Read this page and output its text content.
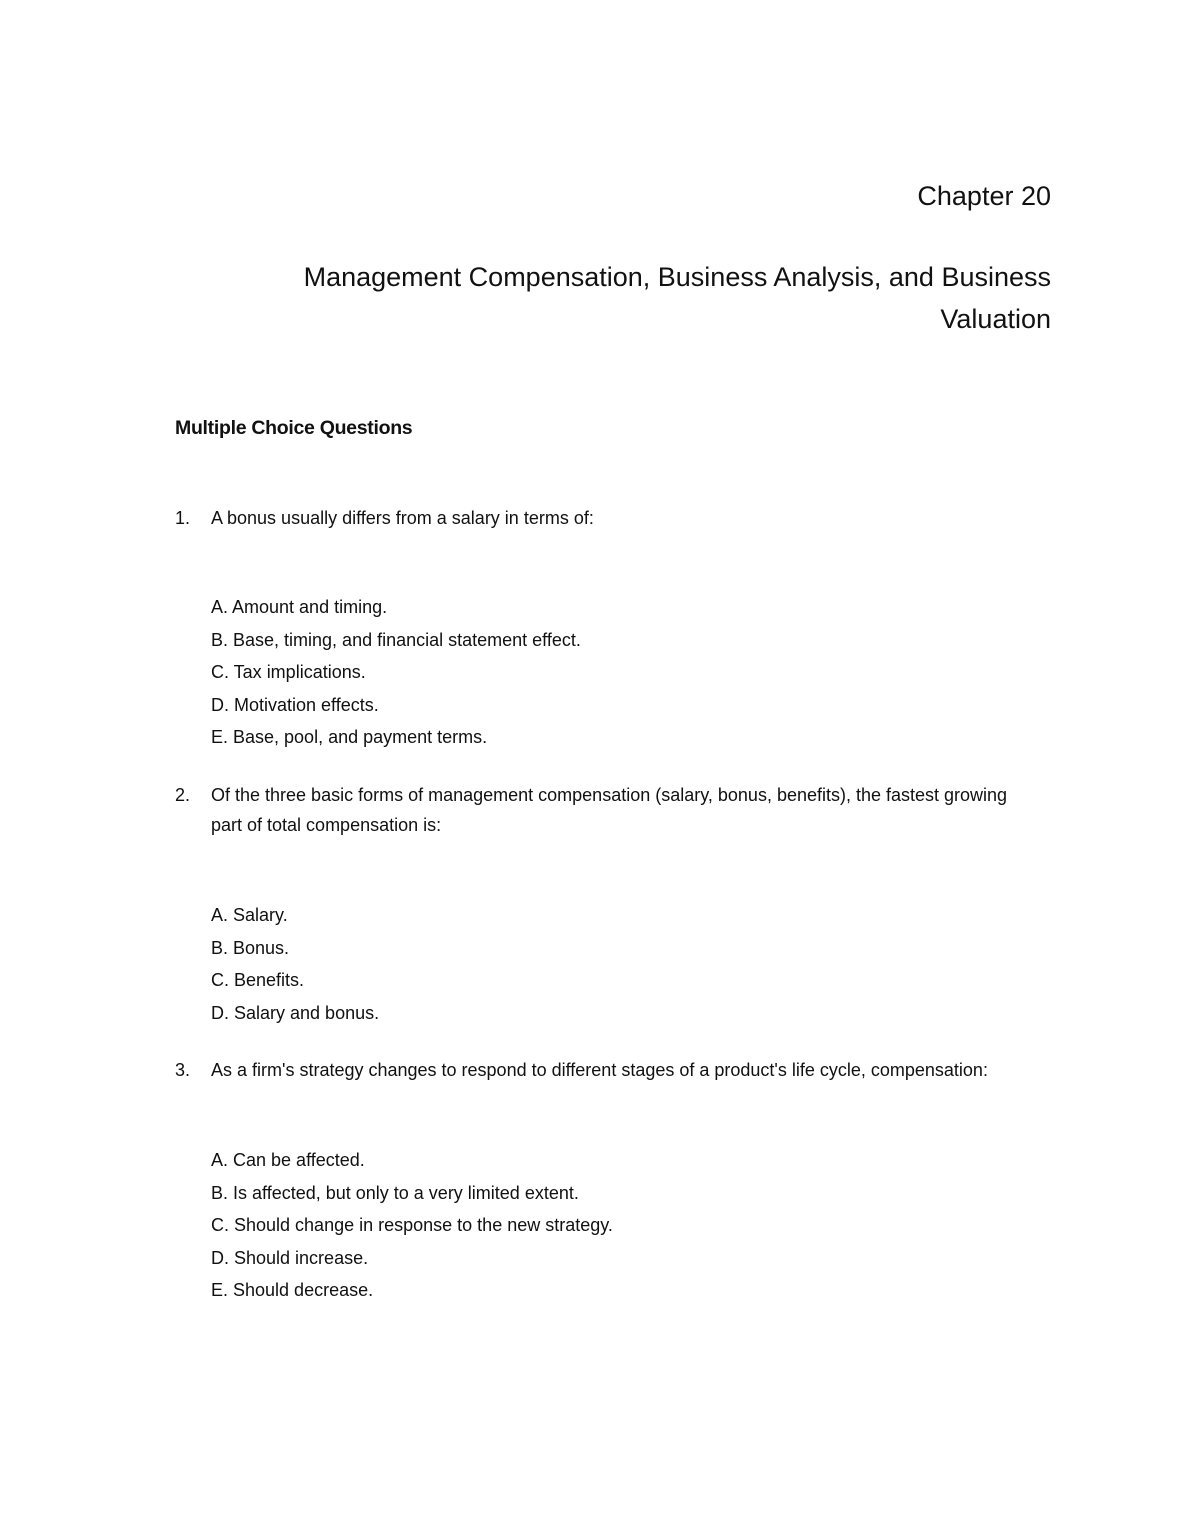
Chapter 20
Management Compensation, Business Analysis, and Business Valuation
Multiple Choice Questions
1. A bonus usually differs from a salary in terms of:
A. Amount and timing.
B. Base, timing, and financial statement effect.
C. Tax implications.
D. Motivation effects.
E. Base, pool, and payment terms.
2. Of the three basic forms of management compensation (salary, bonus, benefits), the fastest growing part of total compensation is:
A. Salary.
B. Bonus.
C. Benefits.
D. Salary and bonus.
3. As a firm's strategy changes to respond to different stages of a product's life cycle, compensation:
A. Can be affected.
B. Is affected, but only to a very limited extent.
C. Should change in response to the new strategy.
D. Should increase.
E. Should decrease.
